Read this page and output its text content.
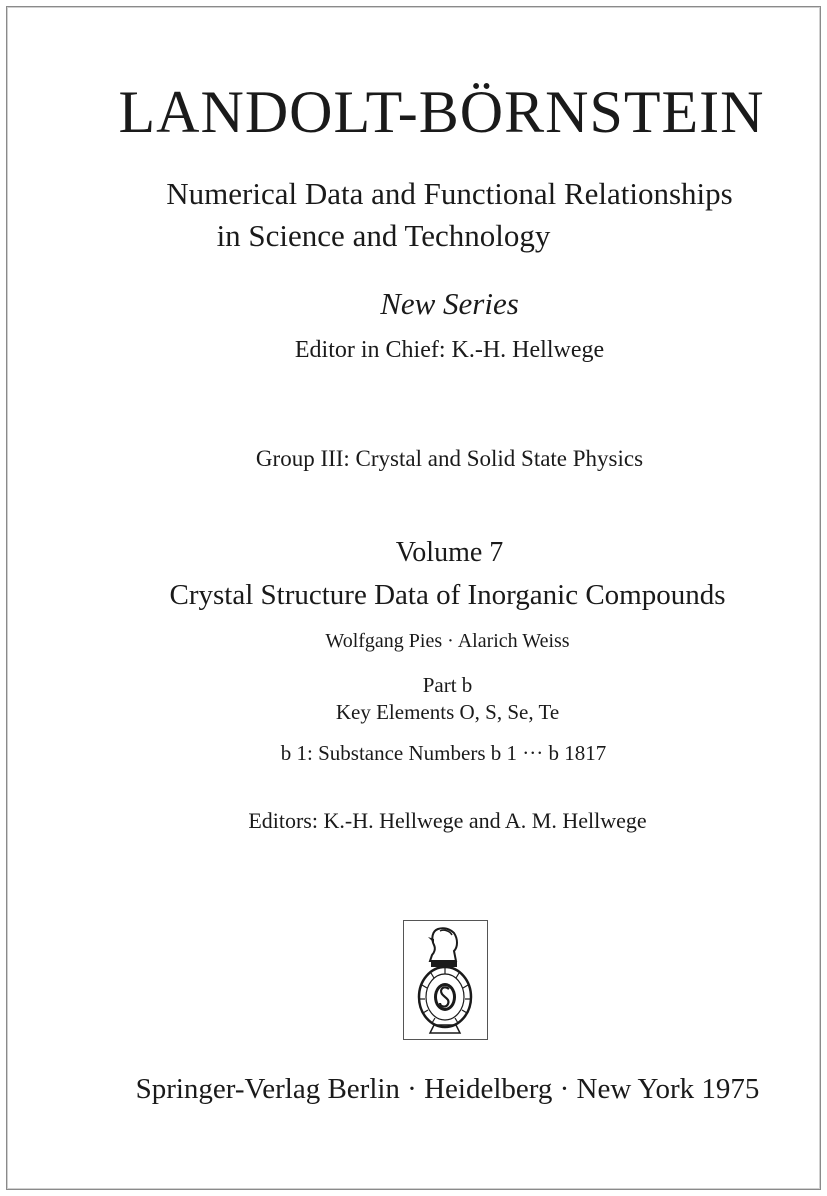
LANDOLT-BÖRNSTEIN
Numerical Data and Functional Relationships
in Science and Technology
New Series
Editor in Chief: K.-H. Hellwege
Group III: Crystal and Solid State Physics
Volume 7
Crystal Structure Data of Inorganic Compounds
Wolfgang Pies · Alarich Weiss
Part b
Key Elements O, S, Se, Te
b 1: Substance Numbers b 1 ··· b 1817
Editors: K.-H. Hellwege and A. M. Hellwege
Springer-Verlag Berlin · Heidelberg · New York 1975
